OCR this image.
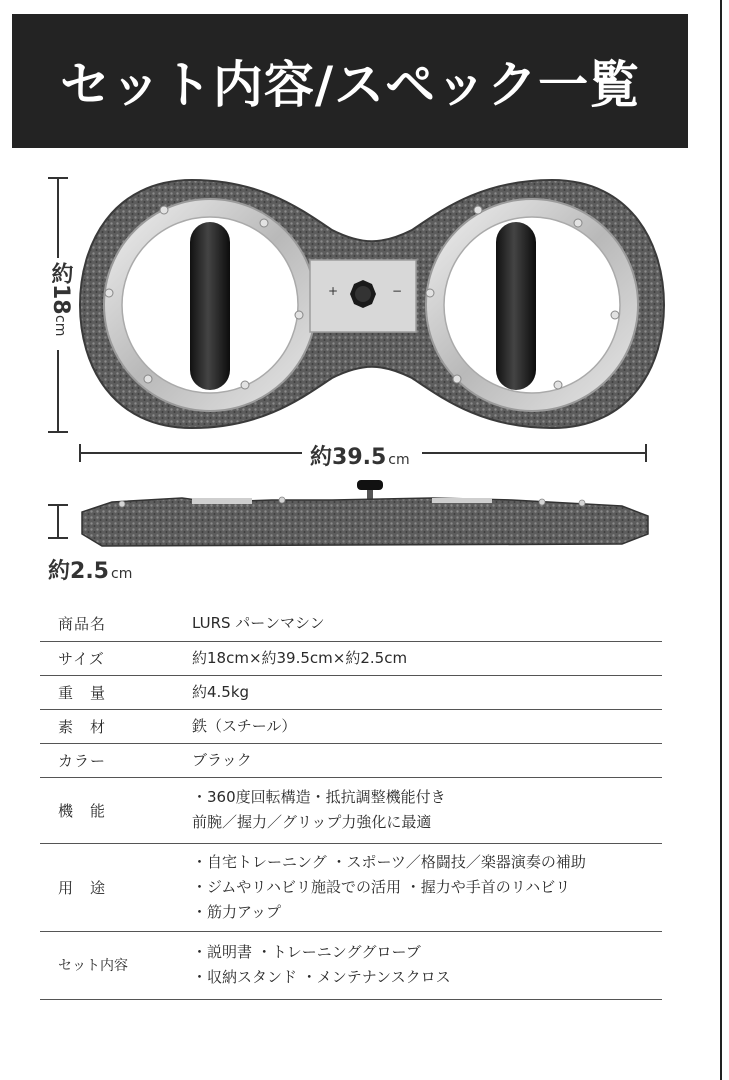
セット内容/スペック一覧
+	−
約18cm
約39.5 cm
約2.5 cm
商品名	LURS パーンマシン

サイズ	約18cm×約39.5cm×約2.5cm

重　量	約4.5kg

素　材	鉄（スチール）

カラー	ブラック

機　能	・360度回転構造・抵抗調整機能付き
前腕／握力／グリップ力強化に最適

用　途	・自宅トレーニング ・スポーツ／格闘技／楽器演奏の補助
・ジムやリハビリ施設での活用 ・握力や手首のリハビリ
・筋力アップ

セット内容	・説明書 ・トレーニンググローブ
・収納スタンド ・メンテナンスクロス
